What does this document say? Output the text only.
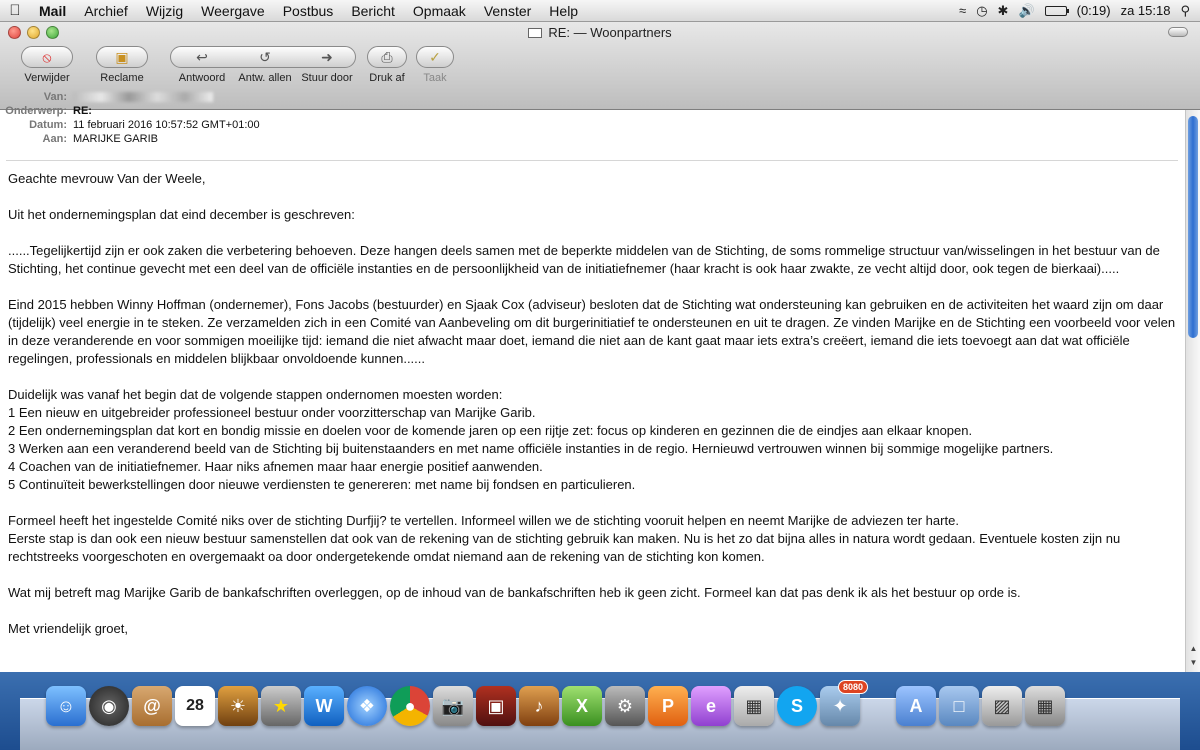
Mail	Archief	Wijzig	Weergave	Postbus	Bericht	Opmaak	Venster	Help	≈ ◷ ✱ 🔊	(0:19) za 15:18 ⚲
RE: — Woonpartners
⦸
Verwijder
▣
Reclame
↩
Antwoord
↺
Antw. allen
➜
Stuur door
⎙
Druk af
✓
Taak
Van:
Onderwerp: RE:
Datum: 11 februari 2016 10:57:52 GMT+01:00
Aan: MARIJKE GARIB

Geachte mevrouw Van der Weele,

Uit het ondernemingsplan dat eind december is geschreven:

......Tegelijkertijd zijn er ook zaken die verbetering behoeven. Deze hangen deels samen met de beperkte middelen van de Stichting, de soms rommelige structuur van/wisselingen in het bestuur van de Stichting, het continue gevecht met een deel van de officiële instanties en de persoonlijkheid van de initiatiefnemer (haar kracht is ook haar zwakte, ze vecht altijd door, ook tegen de bierkaai).....

Eind 2015 hebben Winny Hoffman (ondernemer), Fons Jacobs (bestuurder) en Sjaak Cox (adviseur) besloten dat de Stichting wat ondersteuning kan gebruiken en de activiteiten het waard zijn om daar (tijdelijk) veel energie in te steken. Ze verzamelden zich in een Comité van Aanbeveling om dit burgerinitiatief te ondersteunen en uit te dragen. Ze vinden Marijke en de Stichting een voorbeeld voor velen in deze veranderende en voor sommigen moeilijke tijd: iemand die niet afwacht maar doet, iemand die niet aan de kant gaat maar iets extra’s creëert, iemand die iets toevoegt aan dat wat officiële regelingen, professionals en middelen blijkbaar onvoldoende kunnen......

Duidelijk was vanaf het begin dat de volgende stappen ondernomen moesten worden:

1 Een nieuw en uitgebreider professioneel bestuur onder voorzitterschap van Marijke Garib.

2 Een ondernemingsplan dat kort en bondig missie en doelen voor de komende jaren op een rijtje zet: focus op kinderen en gezinnen die de eindjes aan elkaar knopen.

3 Werken aan een veranderend beeld van de Stichting bij buitenstaanders en met name officiële instanties in de regio. Hernieuwd vertrouwen winnen bij sommige mogelijke partners.

4 Coachen van de initiatiefnemer. Haar niks afnemen maar haar energie positief aanwenden.

5 Continuïteit bewerkstellingen door nieuwe verdiensten te genereren: met name bij fondsen en particulieren.

Formeel heeft het ingestelde Comité niks over de stichting Durfjij? te vertellen. Informeel willen we de stichting vooruit helpen en neemt Marijke de adviezen ter harte.

Eerste stap is dan ook een nieuw bestuur samenstellen dat ook van de rekening van de stichting gebruik kan maken. Nu is het zo dat bijna alles in natura wordt gedaan. Eventuele kosten zijn nu rechtstreeks voorgeschoten en overgemaakt oa door ondergetekende omdat niemand aan de rekening van de stichting kon komen.

Wat mij betreft mag Marijke Garib de bankafschriften overleggen, op de inhoud van de bankafschriften heb ik geen zicht. Formeel kan dat pas denk ik als het bestuur op orde is.

Met vriendelijk groet,

▲
▼
☺	◉	@	28	☀	★	W	❖	●	📷	▣	♪	X	⚙	P	e	▦	S	✦
8080
A	□	▨	▦
